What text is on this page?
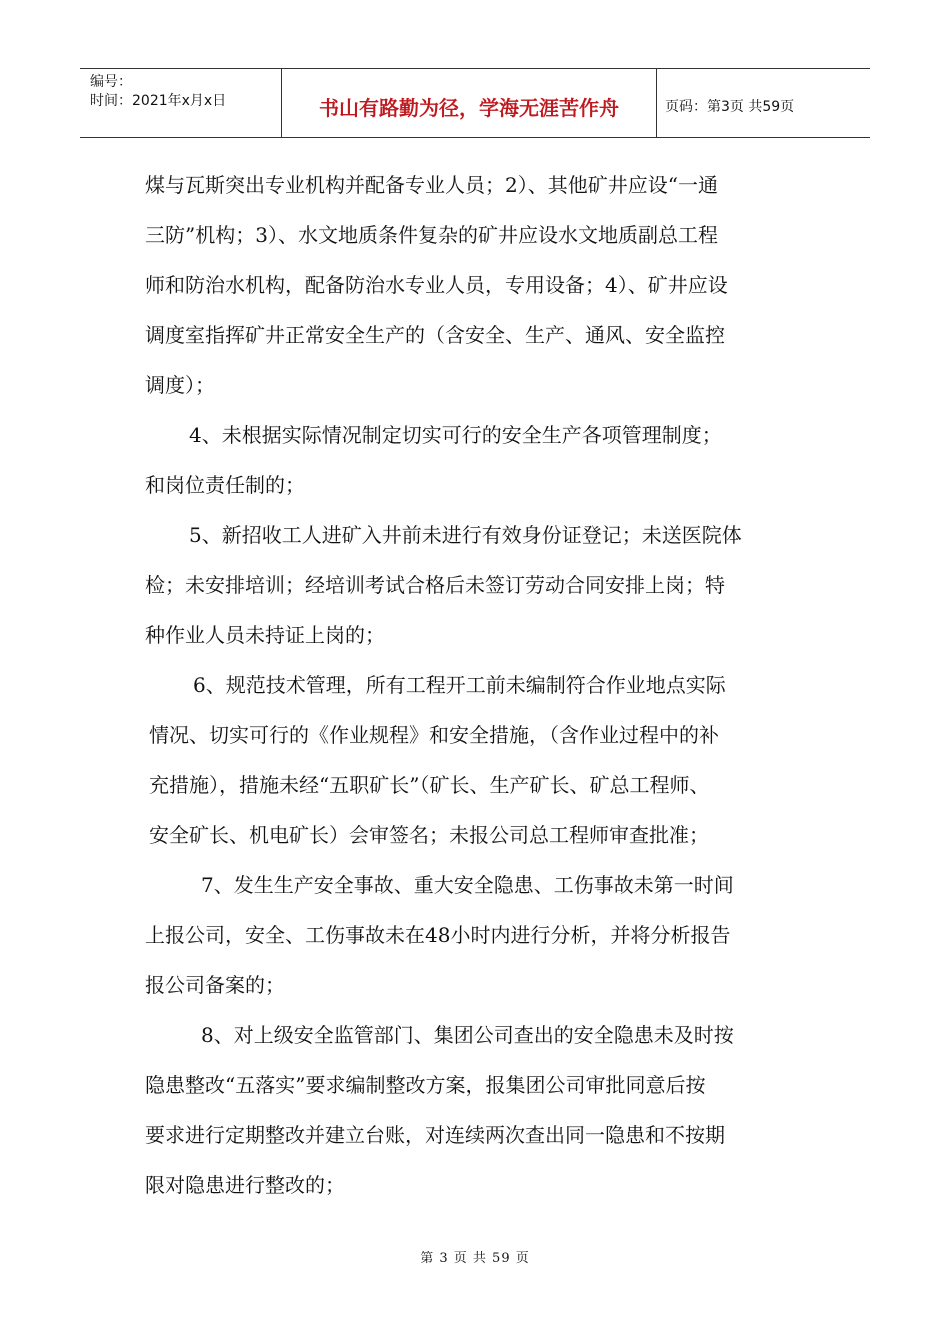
编号：
时间：2021年x月x日	书山有路勤为径，学海无涯苦作舟	页码：第3页 共59页

煤与瓦斯突出专业机构并配备专业人员；2）、其他矿井应设“一通

三防”机构；3）、水文地质条件复杂的矿井应设水文地质副总工程

师和防治水机构，配备防治水专业人员，专用设备；4）、矿井应设

调度室指挥矿井正常安全生产的（含安全、生产、通风、安全监控

调度）；

4、未根据实际情况制定切实可行的安全生产各项管理制度；

和岗位责任制的；

5、新招收工人进矿入井前未进行有效身份证登记；未送医院体

检；未安排培训；经培训考试合格后未签订劳动合同安排上岗；特

种作业人员未持证上岗的；

6、规范技术管理，所有工程开工前未编制符合作业地点实际

情况、切实可行的《作业规程》和安全措施，（含作业过程中的补

充措施），措施未经“五职矿长”（矿长、生产矿长、矿总工程师、

安全矿长、机电矿长）会审签名；未报公司总工程师审查批准；

7、发生生产安全事故、重大安全隐患、工伤事故未第一时间

上报公司，安全、工伤事故未在48小时内进行分析，并将分析报告

报公司备案的；

8、对上级安全监管部门、集团公司查出的安全隐患未及时按

隐患整改“五落实”要求编制整改方案，报集团公司审批同意后按

要求进行定期整改并建立台账，对连续两次查出同一隐患和不按期

限对隐患进行整改的；

第 3 页 共 59 页
